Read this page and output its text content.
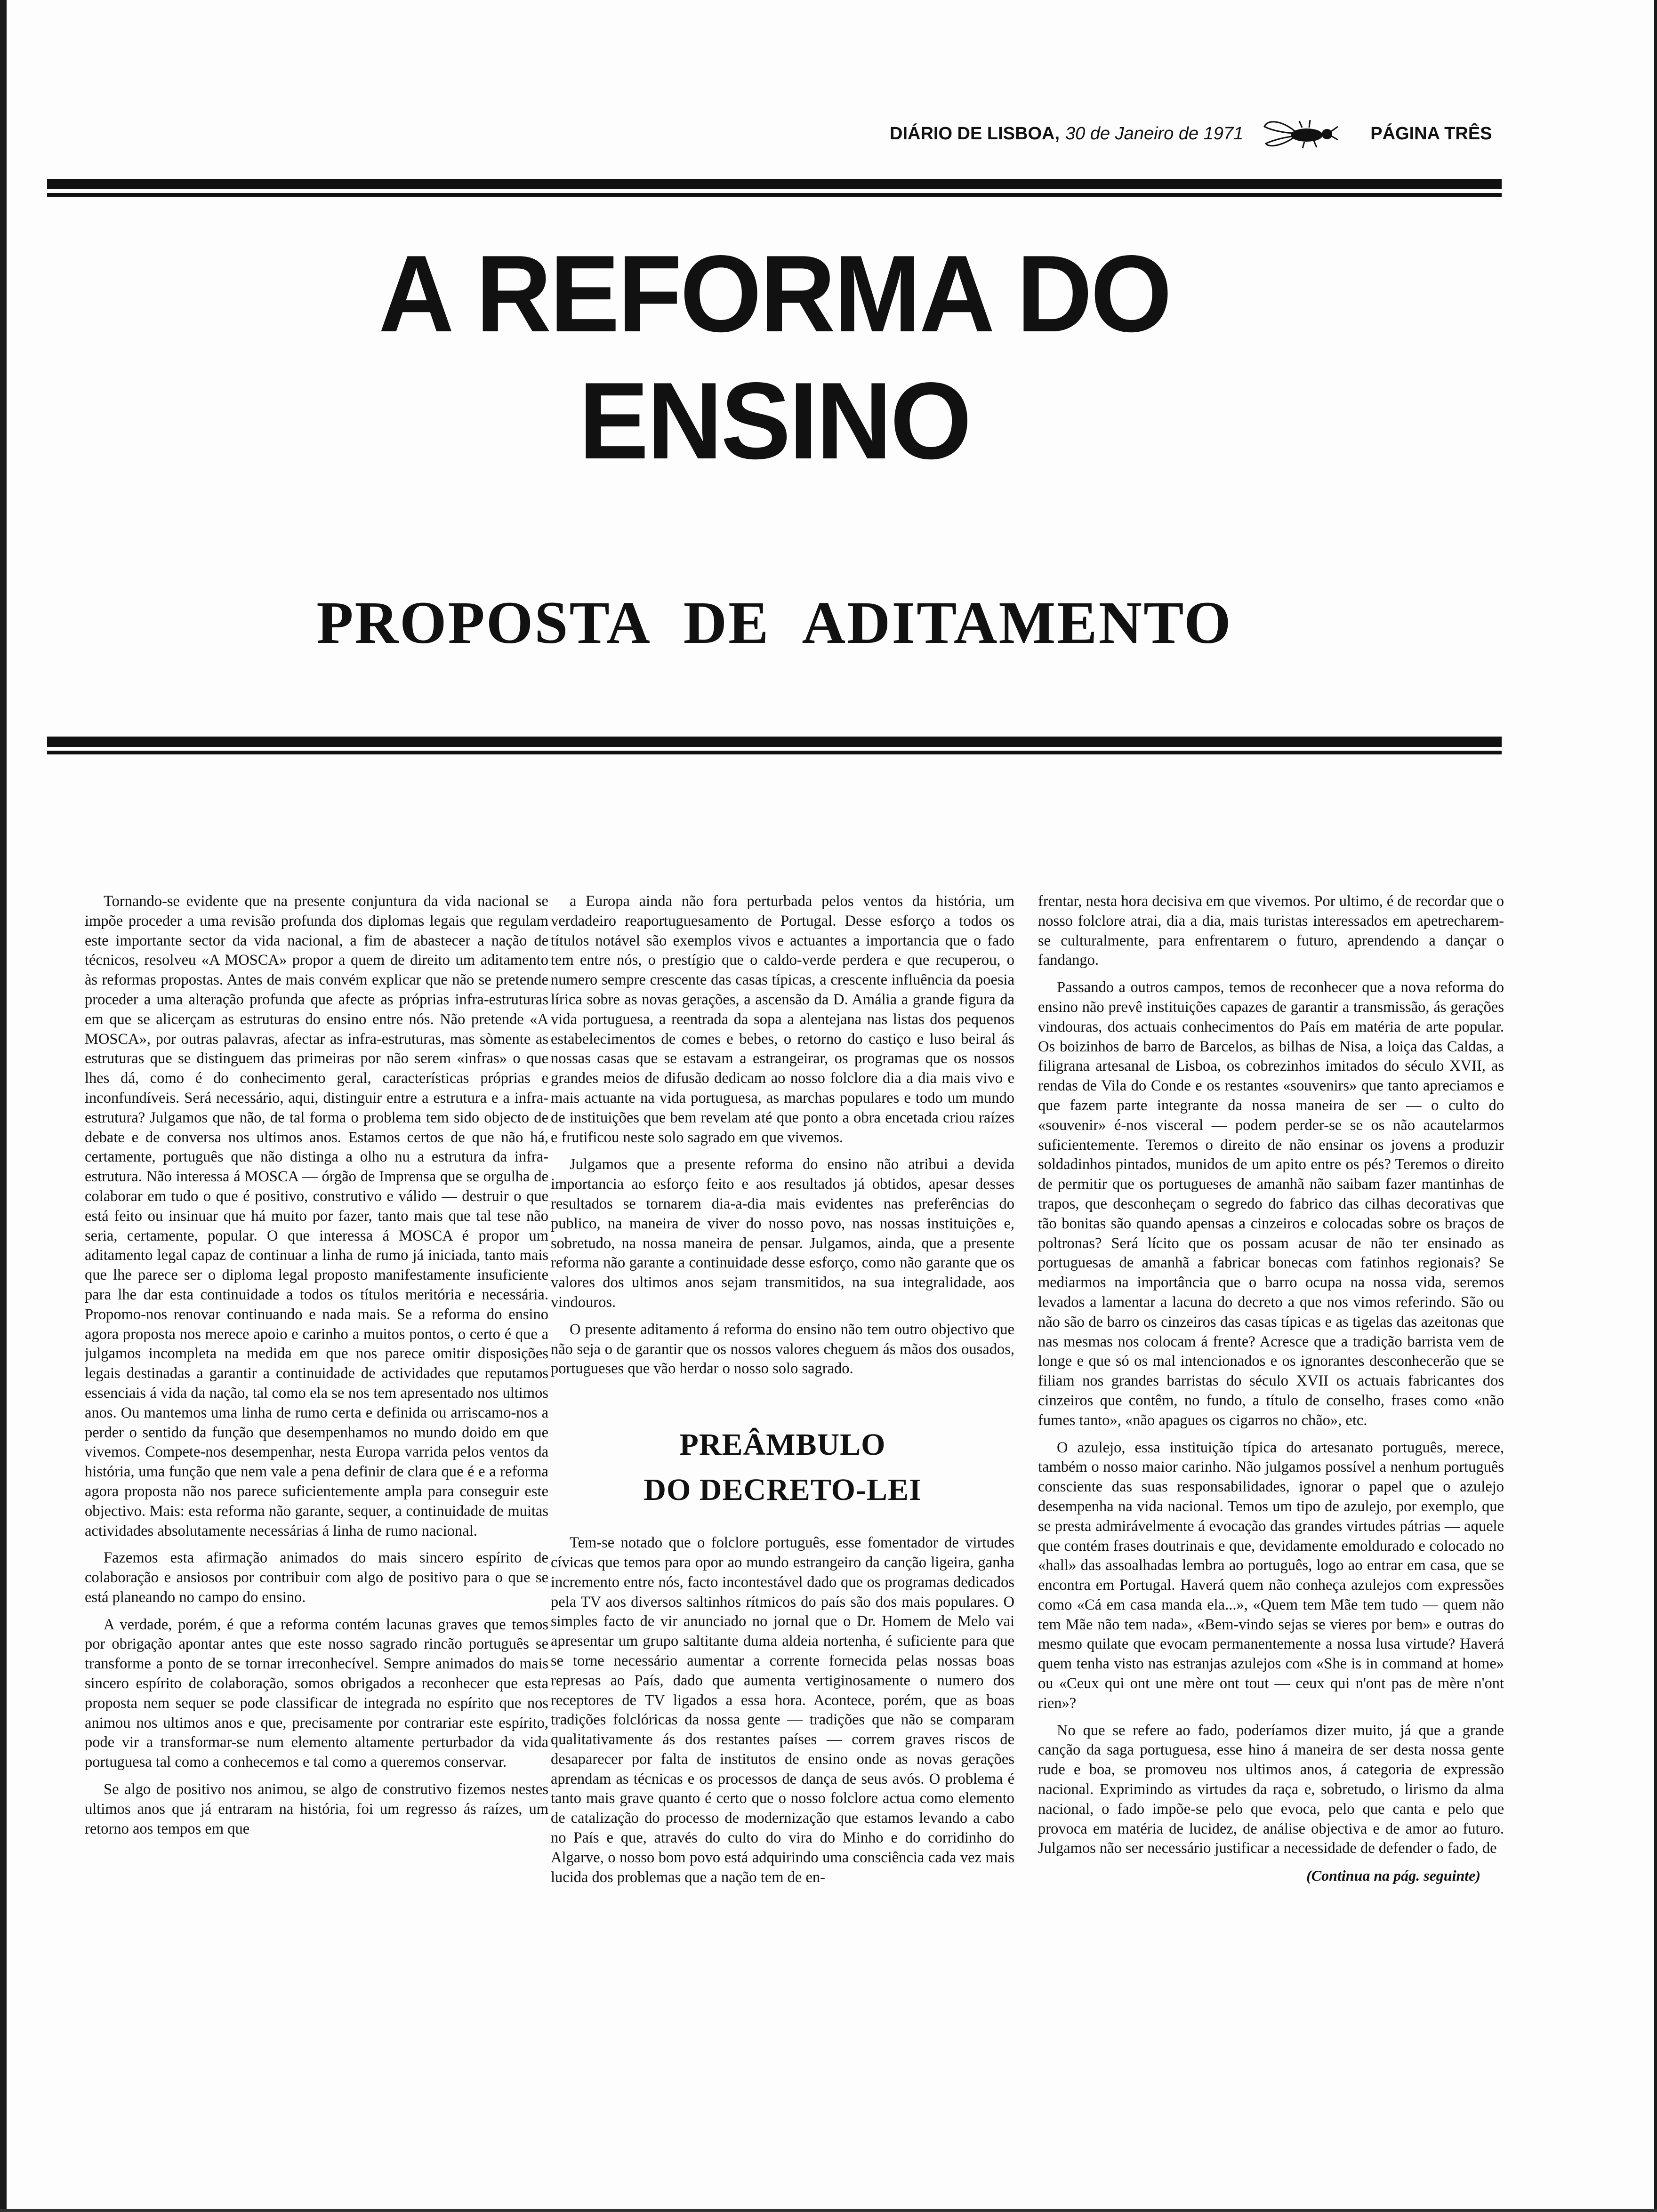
DIÁRIO DE LISBOA, 30 de Janeiro de 1971	PÁGINA TRÊS
A REFORMA DO
ENSINO
PROPOSTA DE ADITAMENTO

Tornando-se evidente que na presente conjuntura da vida nacional se impõe proceder a uma revisão profunda dos diplomas legais que regulam este importante sector da vida nacional, a fim de abastecer a nação de técnicos, resolveu «A MOSCA» propor a quem de direito um aditamento às reformas propostas. Antes de mais convém explicar que não se pretende proceder a uma alteração profunda que afecte as próprias infra-estruturas em que se alicerçam as estruturas do ensino entre nós. Não pretende «A MOSCA», por outras palavras, afectar as infra-estruturas, mas sòmente as estruturas que se distinguem das primeiras por não serem «infras» o que lhes dá, como é do conhecimento geral, características próprias e inconfundíveis. Será necessário, aqui, distinguir entre a estrutura e a infra-estrutura? Julgamos que não, de tal forma o problema tem sido objecto de debate e de conversa nos ultimos anos. Estamos certos de que não há, certamente, português que não distinga a olho nu a estrutura da infra-estrutura. Não interessa á MOSCA — órgão de Imprensa que se orgulha de colaborar em tudo o que é positivo, construtivo e válido — destruir o que está feito ou insinuar que há muito por fazer, tanto mais que tal tese não seria, certamente, popular. O que interessa á MOSCA é propor um aditamento legal capaz de continuar a linha de rumo já iniciada, tanto mais que lhe parece ser o diploma legal proposto manifestamente insuficiente para lhe dar esta continuidade a todos os títulos meritória e necessária. Propomo-nos renovar continuando e nada mais. Se a reforma do ensino agora proposta nos merece apoio e carinho a muitos pontos, o certo é que a julgamos incompleta na medida em que nos parece omitir disposições legais destinadas a garantir a continuidade de actividades que reputamos essenciais á vida da nação, tal como ela se nos tem apresentado nos ultimos anos. Ou mantemos uma linha de rumo certa e definida ou arriscamo-nos a perder o sentido da função que desempenhamos no mundo doido em que vivemos. Compete-nos desempenhar, nesta Europa varrida pelos ventos da história, uma função que nem vale a pena definir de clara que é e a reforma agora proposta não nos parece suficientemente ampla para conseguir este objectivo. Mais: esta reforma não garante, sequer, a continuidade de muitas actividades absolutamente necessárias á linha de rumo nacional.

Fazemos esta afirmação animados do mais sincero espírito de colaboração e ansiosos por contribuir com algo de positivo para o que se está planeando no campo do ensino.

A verdade, porém, é que a reforma contém lacunas graves que temos por obrigação apontar antes que este nosso sagrado rincão português se transforme a ponto de se tornar irreconhecível. Sempre animados do mais sincero espírito de colaboração, somos obrigados a reconhecer que esta proposta nem sequer se pode classificar de integrada no espírito que nos animou nos ultimos anos e que, precisamente por contrariar este espírito, pode vir a transformar-se num elemento altamente perturbador da vida portuguesa tal como a conhecemos e tal como a queremos conservar.

Se algo de positivo nos animou, se algo de construtivo fizemos nestes ultimos anos que já entraram na história, foi um regresso ás raízes, um retorno aos tempos em que

a Europa ainda não fora perturbada pelos ventos da história, um verdadeiro reaportuguesamento de Portugal. Desse esforço a todos os títulos notável são exemplos vivos e actuantes a importancia que o fado tem entre nós, o prestígio que o caldo-verde perdera e que recuperou, o numero sempre crescente das casas típicas, a crescente influência da poesia lírica sobre as novas gerações, a ascensão da D. Amália a grande figura da vida portuguesa, a reentrada da sopa a alentejana nas listas dos pequenos estabelecimentos de comes e bebes, o retorno do castiço e luso beiral ás nossas casas que se estavam a estrangeirar, os programas que os nossos grandes meios de difusão dedicam ao nosso folclore dia a dia mais vivo e mais actuante na vida portuguesa, as marchas populares e todo um mundo de instituições que bem revelam até que ponto a obra encetada criou raízes e frutificou neste solo sagrado em que vivemos.

Julgamos que a presente reforma do ensino não atribui a devida importancia ao esforço feito e aos resultados já obtidos, apesar desses resultados se tornarem dia-a-dia mais evidentes nas preferências do publico, na maneira de viver do nosso povo, nas nossas instituições e, sobretudo, na nossa maneira de pensar. Julgamos, ainda, que a presente reforma não garante a continuidade desse esforço, como não garante que os valores dos ultimos anos sejam transmitidos, na sua integralidade, aos vindouros.

O presente aditamento á reforma do ensino não tem outro objectivo que não seja o de garantir que os nossos valores cheguem ás mãos dos ousados, portugueses que vão herdar o nosso solo sagrado.

PREÂMBULO
DO DECRETO-LEI

Tem-se notado que o folclore português, esse fomentador de virtudes cívicas que temos para opor ao mundo estrangeiro da canção ligeira, ganha incremento entre nós, facto incontestável dado que os programas dedicados pela TV aos diversos saltinhos rítmicos do país são dos mais populares. O simples facto de vir anunciado no jornal que o Dr. Homem de Melo vai apresentar um grupo saltitante duma aldeia nortenha, é suficiente para que se torne necessário aumentar a corrente fornecida pelas nossas boas represas ao País, dado que aumenta vertiginosamente o numero dos receptores de TV ligados a essa hora. Acontece, porém, que as boas tradições folclóricas da nossa gente — tradições que não se comparam qualitativamente ás dos restantes países — correm graves riscos de desaparecer por falta de institutos de ensino onde as novas gerações aprendam as técnicas e os processos de dança de seus avós. O problema é tanto mais grave quanto é certo que o nosso folclore actua como elemento de catalização do processo de modernização que estamos levando a cabo no País e que, através do culto do vira do Minho e do corridinho do Algarve, o nosso bom povo está adquirindo uma consciência cada vez mais lucida dos problemas que a nação tem de en-

frentar, nesta hora decisiva em que vivemos. Por ultimo, é de recordar que o nosso folclore atrai, dia a dia, mais turistas interessados em apetrecharem-se culturalmente, para enfrentarem o futuro, aprendendo a dançar o fandango.

Passando a outros campos, temos de reconhecer que a nova reforma do ensino não prevê instituições capazes de garantir a transmissão, ás gerações vindouras, dos actuais conhecimentos do País em matéria de arte popular. Os boizinhos de barro de Barcelos, as bilhas de Nisa, a loiça das Caldas, a filigrana artesanal de Lisboa, os cobrezinhos imitados do século XVII, as rendas de Vila do Conde e os restantes «souvenirs» que tanto apreciamos e que fazem parte integrante da nossa maneira de ser — o culto do «souvenir» é-nos visceral — podem perder-se se os não acautelarmos suficientemente. Teremos o direito de não ensinar os jovens a produzir soldadinhos pintados, munidos de um apito entre os pés? Teremos o direito de permitir que os portugueses de amanhã não saibam fazer mantinhas de trapos, que desconheçam o segredo do fabrico das cilhas decorativas que tão bonitas são quando apensas a cinzeiros e colocadas sobre os braços de poltronas? Será lícito que os possam acusar de não ter ensinado as portuguesas de amanhã a fabricar bonecas com fatinhos regionais? Se mediarmos na importância que o barro ocupa na nossa vida, seremos levados a lamentar a lacuna do decreto a que nos vimos referindo. São ou não são de barro os cinzeiros das casas típicas e as tigelas das azeitonas que nas mesmas nos colocam á frente? Acresce que a tradição barrista vem de longe e que só os mal intencionados e os ignorantes desconhecerão que se filiam nos grandes barristas do século XVII os actuais fabricantes dos cinzeiros que contêm, no fundo, a título de conselho, frases como «não fumes tanto», «não apagues os cigarros no chão», etc.

O azulejo, essa instituição típica do artesanato português, merece, também o nosso maior carinho. Não julgamos possível a nenhum português consciente das suas responsabilidades, ignorar o papel que o azulejo desempenha na vida nacional. Temos um tipo de azulejo, por exemplo, que se presta admirávelmente á evocação das grandes virtudes pátrias — aquele que contém frases doutrinais e que, devidamente emoldurado e colocado no «hall» das assoalhadas lembra ao português, logo ao entrar em casa, que se encontra em Portugal. Haverá quem não conheça azulejos com expressões como «Cá em casa manda ela...», «Quem tem Mãe tem tudo — quem não tem Mãe não tem nada», «Bem-vindo sejas se vieres por bem» e outras do mesmo quilate que evocam permanentemente a nossa lusa virtude? Haverá quem tenha visto nas estranjas azulejos com «She is in command at home» ou «Ceux qui ont une mère ont tout — ceux qui n'ont pas de mère n'ont rien»?

No que se refere ao fado, poderíamos dizer muito, já que a grande canção da saga portuguesa, esse hino á maneira de ser desta nossa gente rude e boa, se promoveu nos ultimos anos, á categoria de expressão nacional. Exprimindo as virtudes da raça e, sobretudo, o lirismo da alma nacional, o fado impõe-se pelo que evoca, pelo que canta e pelo que provoca em matéria de lucidez, de análise objectiva e de amor ao futuro. Julgamos não ser necessário justificar a necessidade de defender o fado, de

(Continua na pág. seguinte)
